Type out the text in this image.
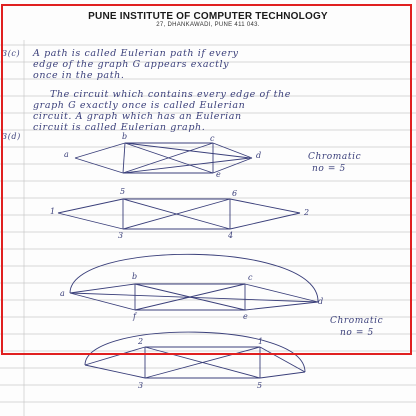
PUNE INSTITUTE OF COMPUTER TECHNOLOGY
27, DHANKAWADI, PUNE 411 043.
3(c) A path is called Eulerian path if every
edge of the graph G appears exactly
once in the path.
The circuit which contains every edge of the
graph G exactly once is called Eulerian
circuit. A graph which has an Eulerian
circuit is called Eulerian graph.
3(d)
a
b	c
d
e
Chromatic
no = 5
1	2
3	4
5	6
a
b	c
d
e
f	Chromatic
no = 5
1
2
3	5
